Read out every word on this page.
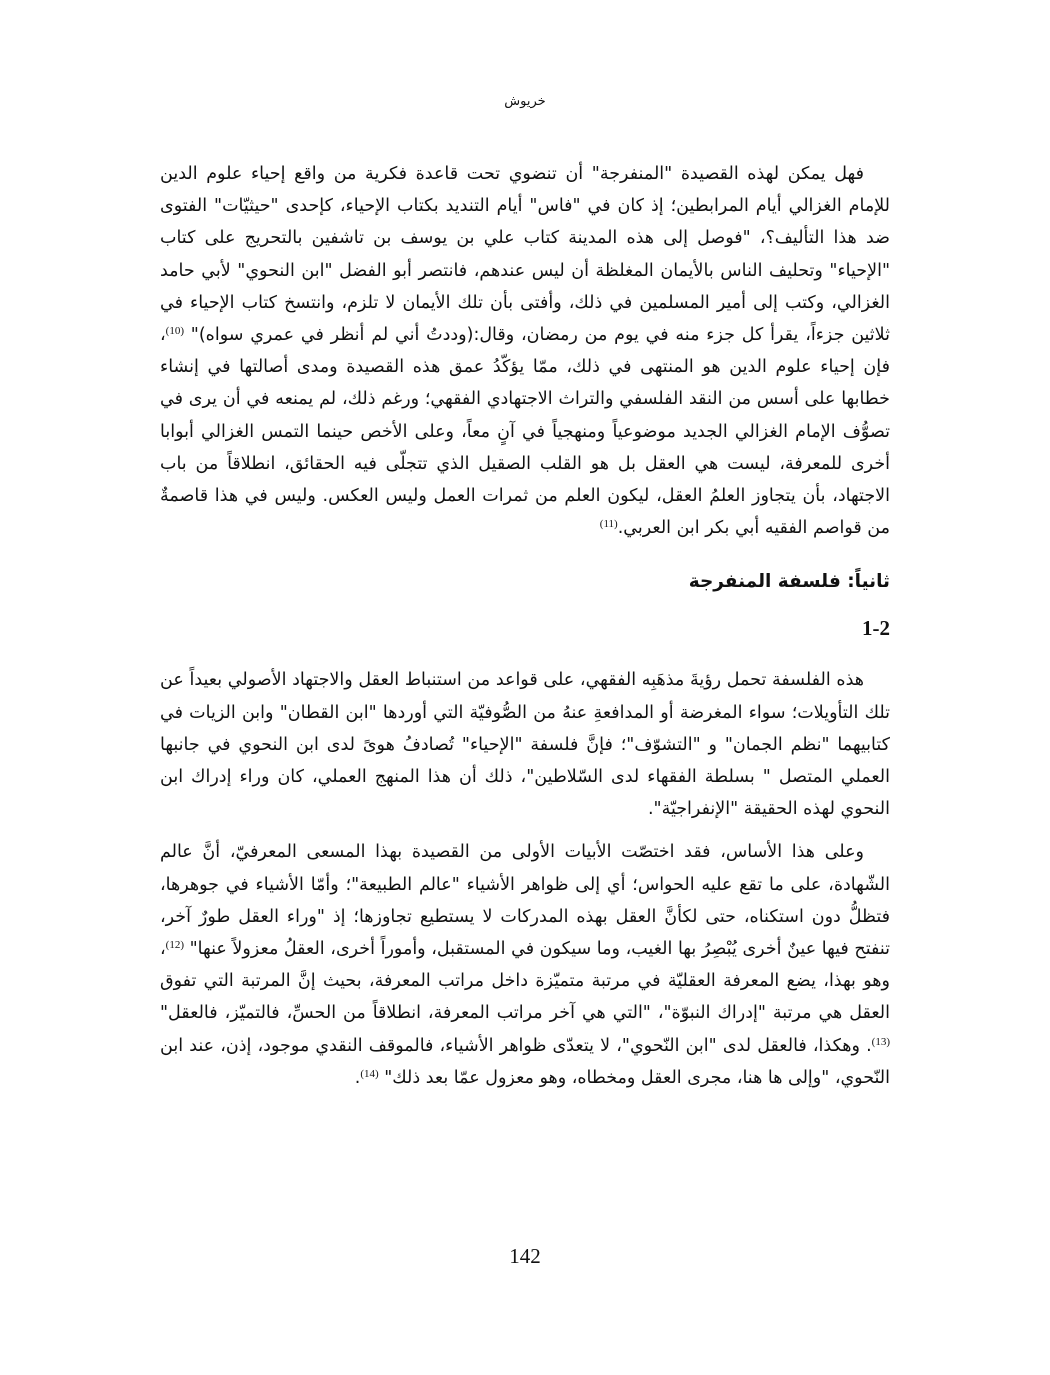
خريوش

فهل يمكن لهذه القصيدة "المنفرجة" أن تنضوي تحت قاعدة فكرية من واقع إحياء علوم الدين للإمام الغزالي أيام المرابطين؛ إذ كان في "فاس" أيام التنديد بكتاب الإحياء، كإحدى "حيثيّات" الفتوى ضد هذا التأليف؟، "فوصل إلى هذه المدينة كتاب علي بن يوسف بن تاشفين بالتحريج على كتاب "الإحياء" وتحليف الناس بالأيمان المغلظة أن ليس عندهم، فانتصر أبو الفضل "ابن النحوي" لأبي حامد الغزالي، وكتب إلى أمير المسلمين في ذلك، وأفتى بأن تلك الأيمان لا تلزم، وانتسخ كتاب الإحياء في ثلاثين جزءاً، يقرأ كل جزء منه في يوم من رمضان، وقال:(وددتُ أني لم أنظر في عمري سواه)" $^{(10)}$، فإن إحياء علوم الدين هو المنتهى في ذلك، ممّا يؤكّدُ عمق هذه القصيدة ومدى أصالتها في إنشاء خطابها على أسس من النقد الفلسفي والتراث الاجتهادي الفقهي؛ ورغم ذلك، لم يمنعه في أن يرى في تصوُّف الإمام الغزالي الجديد موضوعياً ومنهجياً في آنٍ معاً، وعلى الأخص حينما التمس الغزالي أبوابا أخرى للمعرفة، ليست هي العقل بل هو القلب الصقيل الذي تتجلّى فيه الحقائق، انطلاقاً من باب الاجتهاد، بأن يتجاوز العلمُ العقل، ليكون العلم من ثمرات العمل وليس العكس. وليس في هذا قاصمةٌ من قواصم الفقيه أبي بكر ابن العربي.$^{(11)}$

ثانياً: فلسفة المنفرجة
1-2

هذه الفلسفة تحمل رؤيةَ مذهَبِه الفقهي، على قواعد من استنباط العقل والاجتهاد الأصولي بعيداً عن تلك التأويلات؛ سواء المغرضة أو المدافعةِ عنهُ من الصُّوفيّة التي أوردها "ابن القطان" وابن الزيات في كتابيهما "نظم الجمان" و "التشوّف"؛ فإنَّ فلسفة "الإحياء" تُصادفُ هوىً لدى ابن النحوي في جانبها العملي المتصل " بسلطة الفقهاء لدى السّلاطين"، ذلك أن هذا المنهج العملي، كان وراء إدراك ابن النحوي لهذه الحقيقة "الإنفراجيّة".

وعلى هذا الأساس، فقد اختصّت الأبيات الأولى من القصيدة بهذا المسعى المعرفيّ، أنَّ عالم الشّهادة، على ما تقع عليه الحواس؛ أي إلى ظواهر الأشياء "عالم الطبيعة"؛ وأمّا الأشياء في جوهرها، فتظلُّ دون استكناه، حتى لكأنَّ العقل بهذه المدركات لا يستطيع تجاوزها؛ إذ "وراء العقل طورٌ آخر، تنفتح فيها عينٌ أخرى يُبْصِرُ بها الغيب، وما سيكون في المستقبل، وأموراً أخرى، العقلُ معزولاً عنها" $^{(12)}$، وهو بهذا، يضع المعرفة العقليّة في مرتبة متميّزة داخل مراتب المعرفة، بحيث إنَّ المرتبة التي تفوق العقل هي مرتبة "إدراك النبوّة"، "التي هي آخر مراتب المعرفة، انطلاقاً من الحسِّ، فالتميّز، فالعقل" $^{(13)}$. وهكذا، فالعقل لدى "ابن النّحوي"، لا يتعدّى ظواهر الأشياء، فالموقف النقدي موجود، إذن، عند ابن النّحوي، "وإلى ها هنا، مجرى العقل ومخطاه، وهو معزول عمّا بعد ذلك" $^{(14)}$.

142
